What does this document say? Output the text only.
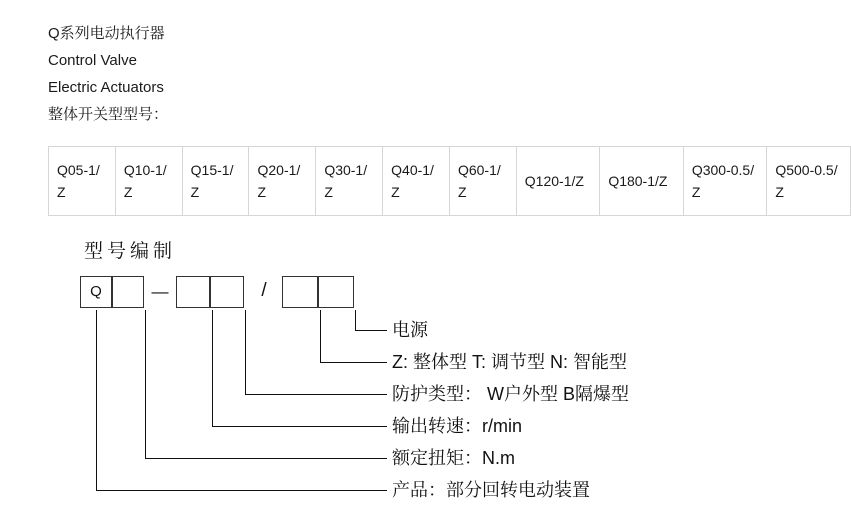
Q系列电动执行器
Control Valve
Electric Actuators
整体开关型型号：
Q05-1/Z	Q10-1/Z	Q15-1/Z	Q20-1/Z	Q30-1/Z	Q40-1/Z	Q60-1/Z	Q120-1/Z	Q180-1/Z	Q300-0.5/Z	Q500-0.5/Z
型号编制
Q	—	/
电源
Z: 整体型 T: 调节型 N: 智能型
防护类型： W户外型 B隔爆型
输出转速：r/min
额定扭矩：N.m
产品：部分回转电动装置
